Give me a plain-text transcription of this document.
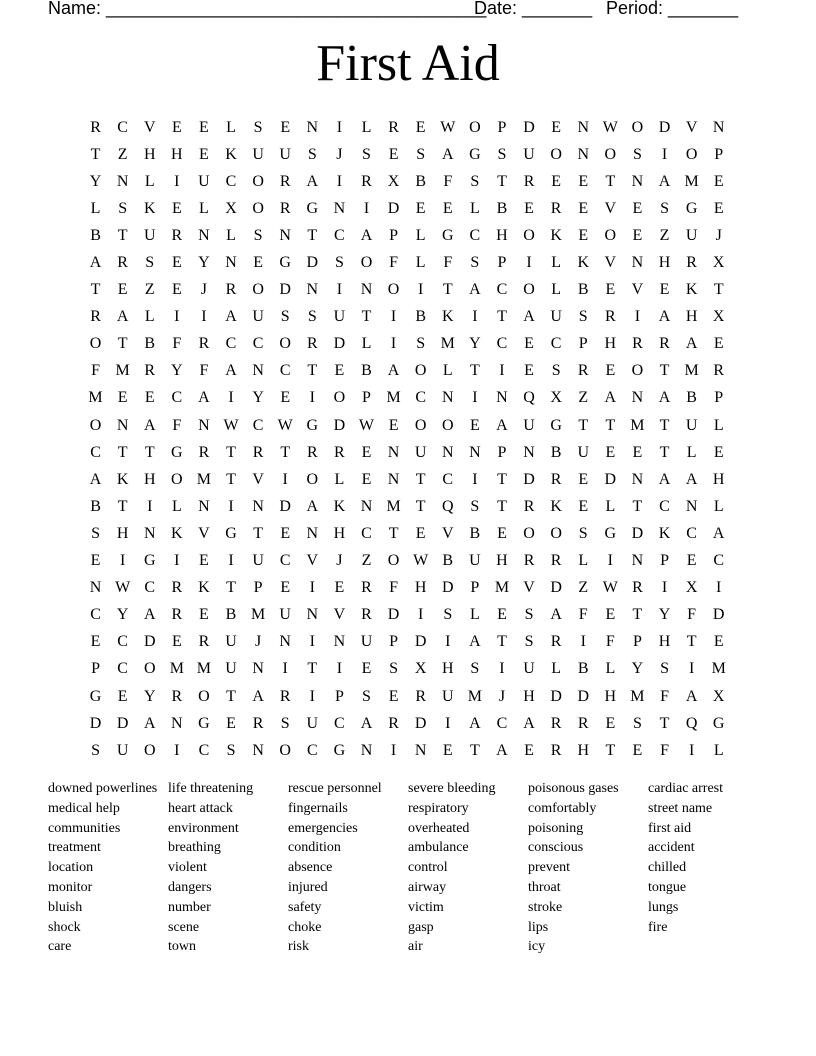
Name: ______________________________________

Date: _______

Period: _______

First Aid
R	C V	E	E	L	S	E	N	I	L	R	E W O	P	D	E	N W O D V N
T	Z	H H	E	K U U	S	J	S	E	S	A G	S	U O N O	S	I	O	P
Y N	L	I	U C O R A	I	R X B	F	S	T	R	E	E	T	N A M E
L	S	K	E	L	X O R G N	I	D	E	E	L	B	E	R	E	V	E	S	G	E
B	T	U R N	L	S	N	T	C A	P	L	G C H O K	E	O	E	Z	U	J
A R	S	E	Y N	E	G D	S	O	F	L	F	S	P	I	L	K V N H R X
T	E	Z	E	J	R O D N	I	N O	I	T	A C O	L	B	E	V	E	K	T
R A	L	I	I	A U	S	S	U	T	I	B K	I	T	A U	S	R	I	A H X
O	T	B	F	R	C	C O R D	L	I	S M Y C	E	C	P	H R	R A	E
F M R Y	F	A N C	T	E	B A O	L	T	I	E	S	R	E	O	T M R
M E	E	C A	I	Y	E	I	O	P M C N	I	N Q X	Z	A N A B	P
O N A	F	N W C W G D W E	O O	E	A U G	T	T M T	U	L
C	T	T	G R	T	R	T	R	R	E	N U N N	P	N B U	E	E	T	L	E
A K H O M T	V	I	O	L	E	N	T	C	I	T	D R	E	D N A A H
B	T	I	L	N	I	N D A K N M T	Q	S	T	R K	E	L	T	C N	L
S	H N K V G	T	E	N H C	T	E	V B	E	O O	S	G D K C A
E	I	G	I	E	I	U C V	J	Z	O W B U H R	R	L	I	N	P	E	C
N W C	R K	T	P	E	I	E	R	F	H D	P M V D	Z W R	I	X	I
C Y A R	E	B M U N V R D	I	S	L	E	S	A	F	E	T	Y	F	D
E	C D	E	R U	J	N	I	N U	P	D	I	A	T	S	R	I	F	P	H	T	E
P	C O M M U N	I	T	I	E	S	X H	S	I	U	L	B	L	Y	S	I	M
G	E	Y R O	T	A R	I	P	S	E	R U M	J	H D D H M F	A X
D D A N G	E	R	S	U C A R D	I	A C A R	R	E	S	T	Q G
S	U O	I	C	S	N O C G N	I	N	E	T	A	E	R H	T	E	F	I	L
downed powerlines
medical help
communities
treatment
location
monitor
bluish
shock
care
life threatening
heart attack
environment
breathing
violent
dangers
number
scene
town
rescue personnel
fingernails
emergencies
condition
absence
injured
safety
choke
risk
severe bleeding
respiratory
overheated
ambulance
control
airway
victim
gasp
air
poisonous gases
comfortably
poisoning
conscious
prevent
throat
stroke
lips
icy
cardiac arrest
street name
first aid
accident
chilled
tongue
lungs
fire
